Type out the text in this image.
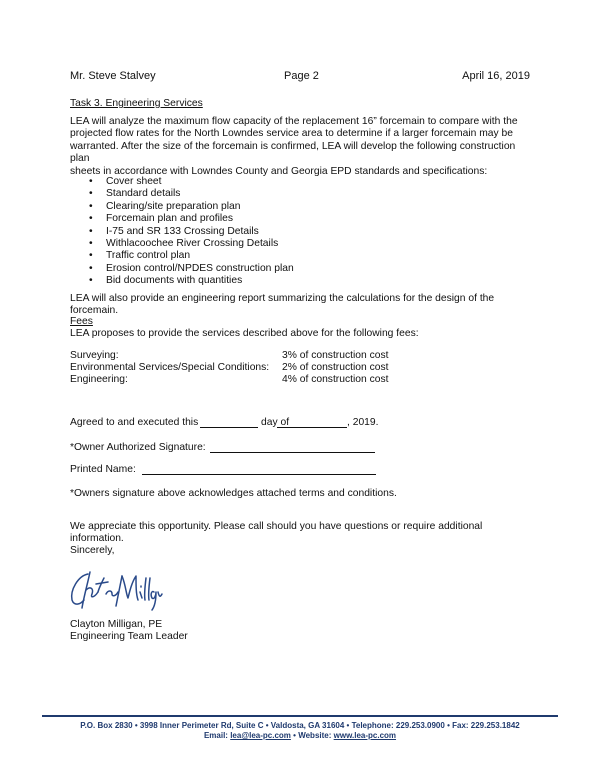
Mr. Steve Stalvey	Page 2	April 16, 2019
Task 3. Engineering Services
LEA will analyze the maximum flow capacity of the replacement 16” forcemain to compare with the
projected flow rates for the North Lowndes service area to determine if a larger forcemain may be
warranted. After the size of the forcemain is confirmed, LEA will develop the following construction plan
sheets in accordance with Lowndes County and Georgia EPD standards and specifications:
• Cover sheet
• Standard details
• Clearing/site preparation plan
• Forcemain plan and profiles
• I-75 and SR 133 Crossing Details
• Withlacoochee River Crossing Details
• Traffic control plan
• Erosion control/NPDES construction plan
• Bid documents with quantities
LEA will also provide an engineering report summarizing the calculations for the design of the forcemain.
Fees
LEA proposes to provide the services described above for the following fees:
Surveying:	3% of construction cost
Environmental Services/Special Conditions: 2% of construction cost
Engineering:	4% of construction cost
Agreed to and executed this	day of	, 2019.
*Owner Authorized Signature:
Printed Name:
*Owners signature above acknowledges attached terms and conditions.
We appreciate this opportunity. Please call should you have questions or require additional information.
Sincerely,
Clayton Milligan, PE
Engineering Team Leader
P.O. Box 2830 • 3998 Inner Perimeter Rd, Suite C • Valdosta, GA 31604 • Telephone: 229.253.0900 • Fax: 229.253.1842
Email: lea@lea-pc.com • Website: www.lea-pc.com
